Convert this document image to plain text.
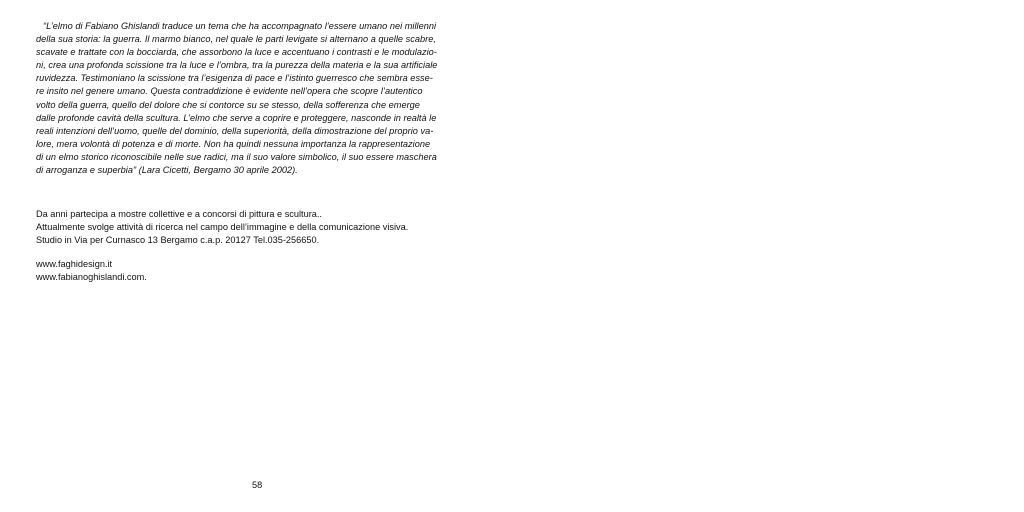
“L’elmo di Fabiano Ghislandi traduce un tema che ha accompagnato l’essere umano nei millenni
della sua storia: la guerra. Il marmo bianco, nel quale le parti levigate si alternano a quelle scabre,
scavate e trattate con la bocciarda, che assorbono la luce e accentuano i contrasti e le modulazio-
ni, crea una profonda scissione tra la luce e l’ombra, tra la purezza della materia e la sua artificiale
ruvidezza. Testimoniano la scissione tra l’esigenza di pace e l’istinto guerresco che sembra esse-
re insito nel genere umano. Questa contraddizione è evidente nell’opera che scopre l’autentico
volto della guerra, quello del dolore che si contorce su se stesso, della sofferenza che emerge
dalle profonde cavità della scultura. L’elmo che serve a coprire e proteggere, nasconde in realtà le
reali intenzioni dell’uomo, quelle del dominio, della superiorità, della dimostrazione del proprio va-
lore, mera volontà di potenza e di morte. Non ha quindi nessuna importanza la rappresentazione
di un elmo storico riconoscibile nelle sue radici, ma il suo valore simbolico, il suo essere maschera
di arroganza e superbia” (Lara Cicetti, Bergamo 30 aprile 2002).
Da anni partecipa a mostre collettive e a concorsi di pittura e scultura..
Attualmente svolge attività di ricerca nel campo dell’immagine e della comunicazione visiva.
Studio in Via per Curnasco 13 Bergamo c.a.p. 20127 Tel.035-256650.
www.faghidesign.it
www.fabianoghislandi.com.
58
